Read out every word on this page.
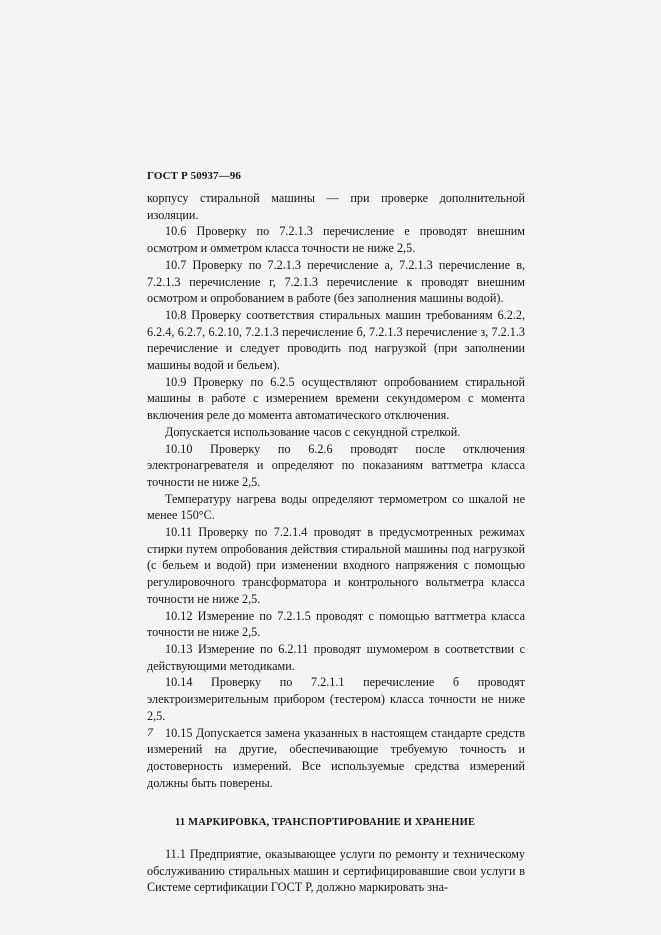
ГОСТ Р 50937—96

корпусу стиральной машины — при проверке дополнительной изоляции.

10.6 Проверку по 7.2.1.3 перечисление е проводят внешним осмотром и омметром класса точности не ниже 2,5.

10.7 Проверку по 7.2.1.3 перечисление а, 7.2.1.3 перечисление в, 7.2.1.3 перечисление г, 7.2.1.3 перечисление к проводят внешним осмотром и опробованием в работе (без заполнения машины водой).

10.8 Проверку соответствия стиральных машин требованиям 6.2.2, 6.2.4, 6.2.7, 6.2.10, 7.2.1.3 перечисление б, 7.2.1.3 перечисление з, 7.2.1.3 перечисление и следует проводить под нагрузкой (при заполнении машины водой и бельем).

10.9 Проверку по 6.2.5 осуществляют опробованием стиральной машины в работе с измерением времени секундомером с момента включения реле до момента автоматического отключения.

Допускается использование часов с секундной стрелкой.

10.10 Проверку по 6.2.6 проводят после отключения электронагревателя и определяют по показаниям ваттметра класса точности не ниже 2,5.

Температуру нагрева воды определяют термометром со шкалой не менее 150°С.

10.11 Проверку по 7.2.1.4 проводят в предусмотренных режимах стирки путем опробования действия стиральной машины под нагрузкой (с бельем и водой) при изменении входного напряжения с помощью регулировочного трансформатора и контрольного вольтметра класса точности не ниже 2,5.

10.12 Измерение по 7.2.1.5 проводят с помощью ваттметра класса точности не ниже 2,5.

10.13 Измерение по 6.2.11 проводят шумомером в соответствии с действующими методиками.

10.14 Проверку по 7.2.1.1 перечисление б проводят электроизмерительным прибором (тестером) класса точности не ниже 2,5.

10.15 Допускается замена указанных в настоящем стандарте средств измерений на другие, обеспечивающие требуемую точность и достоверность измерений. Все используемые средства измерений должны быть поверены.

11 МАРКИРОВКА, ТРАНСПОРТИРОВАНИЕ И ХРАНЕНИЕ

11.1 Предприятие, оказывающее услуги по ремонту и техническому обслуживанию стиральных машин и сертифицировавшие свои услуги в Системе сертификации ГОСТ Р, должно маркировать зна-

7
